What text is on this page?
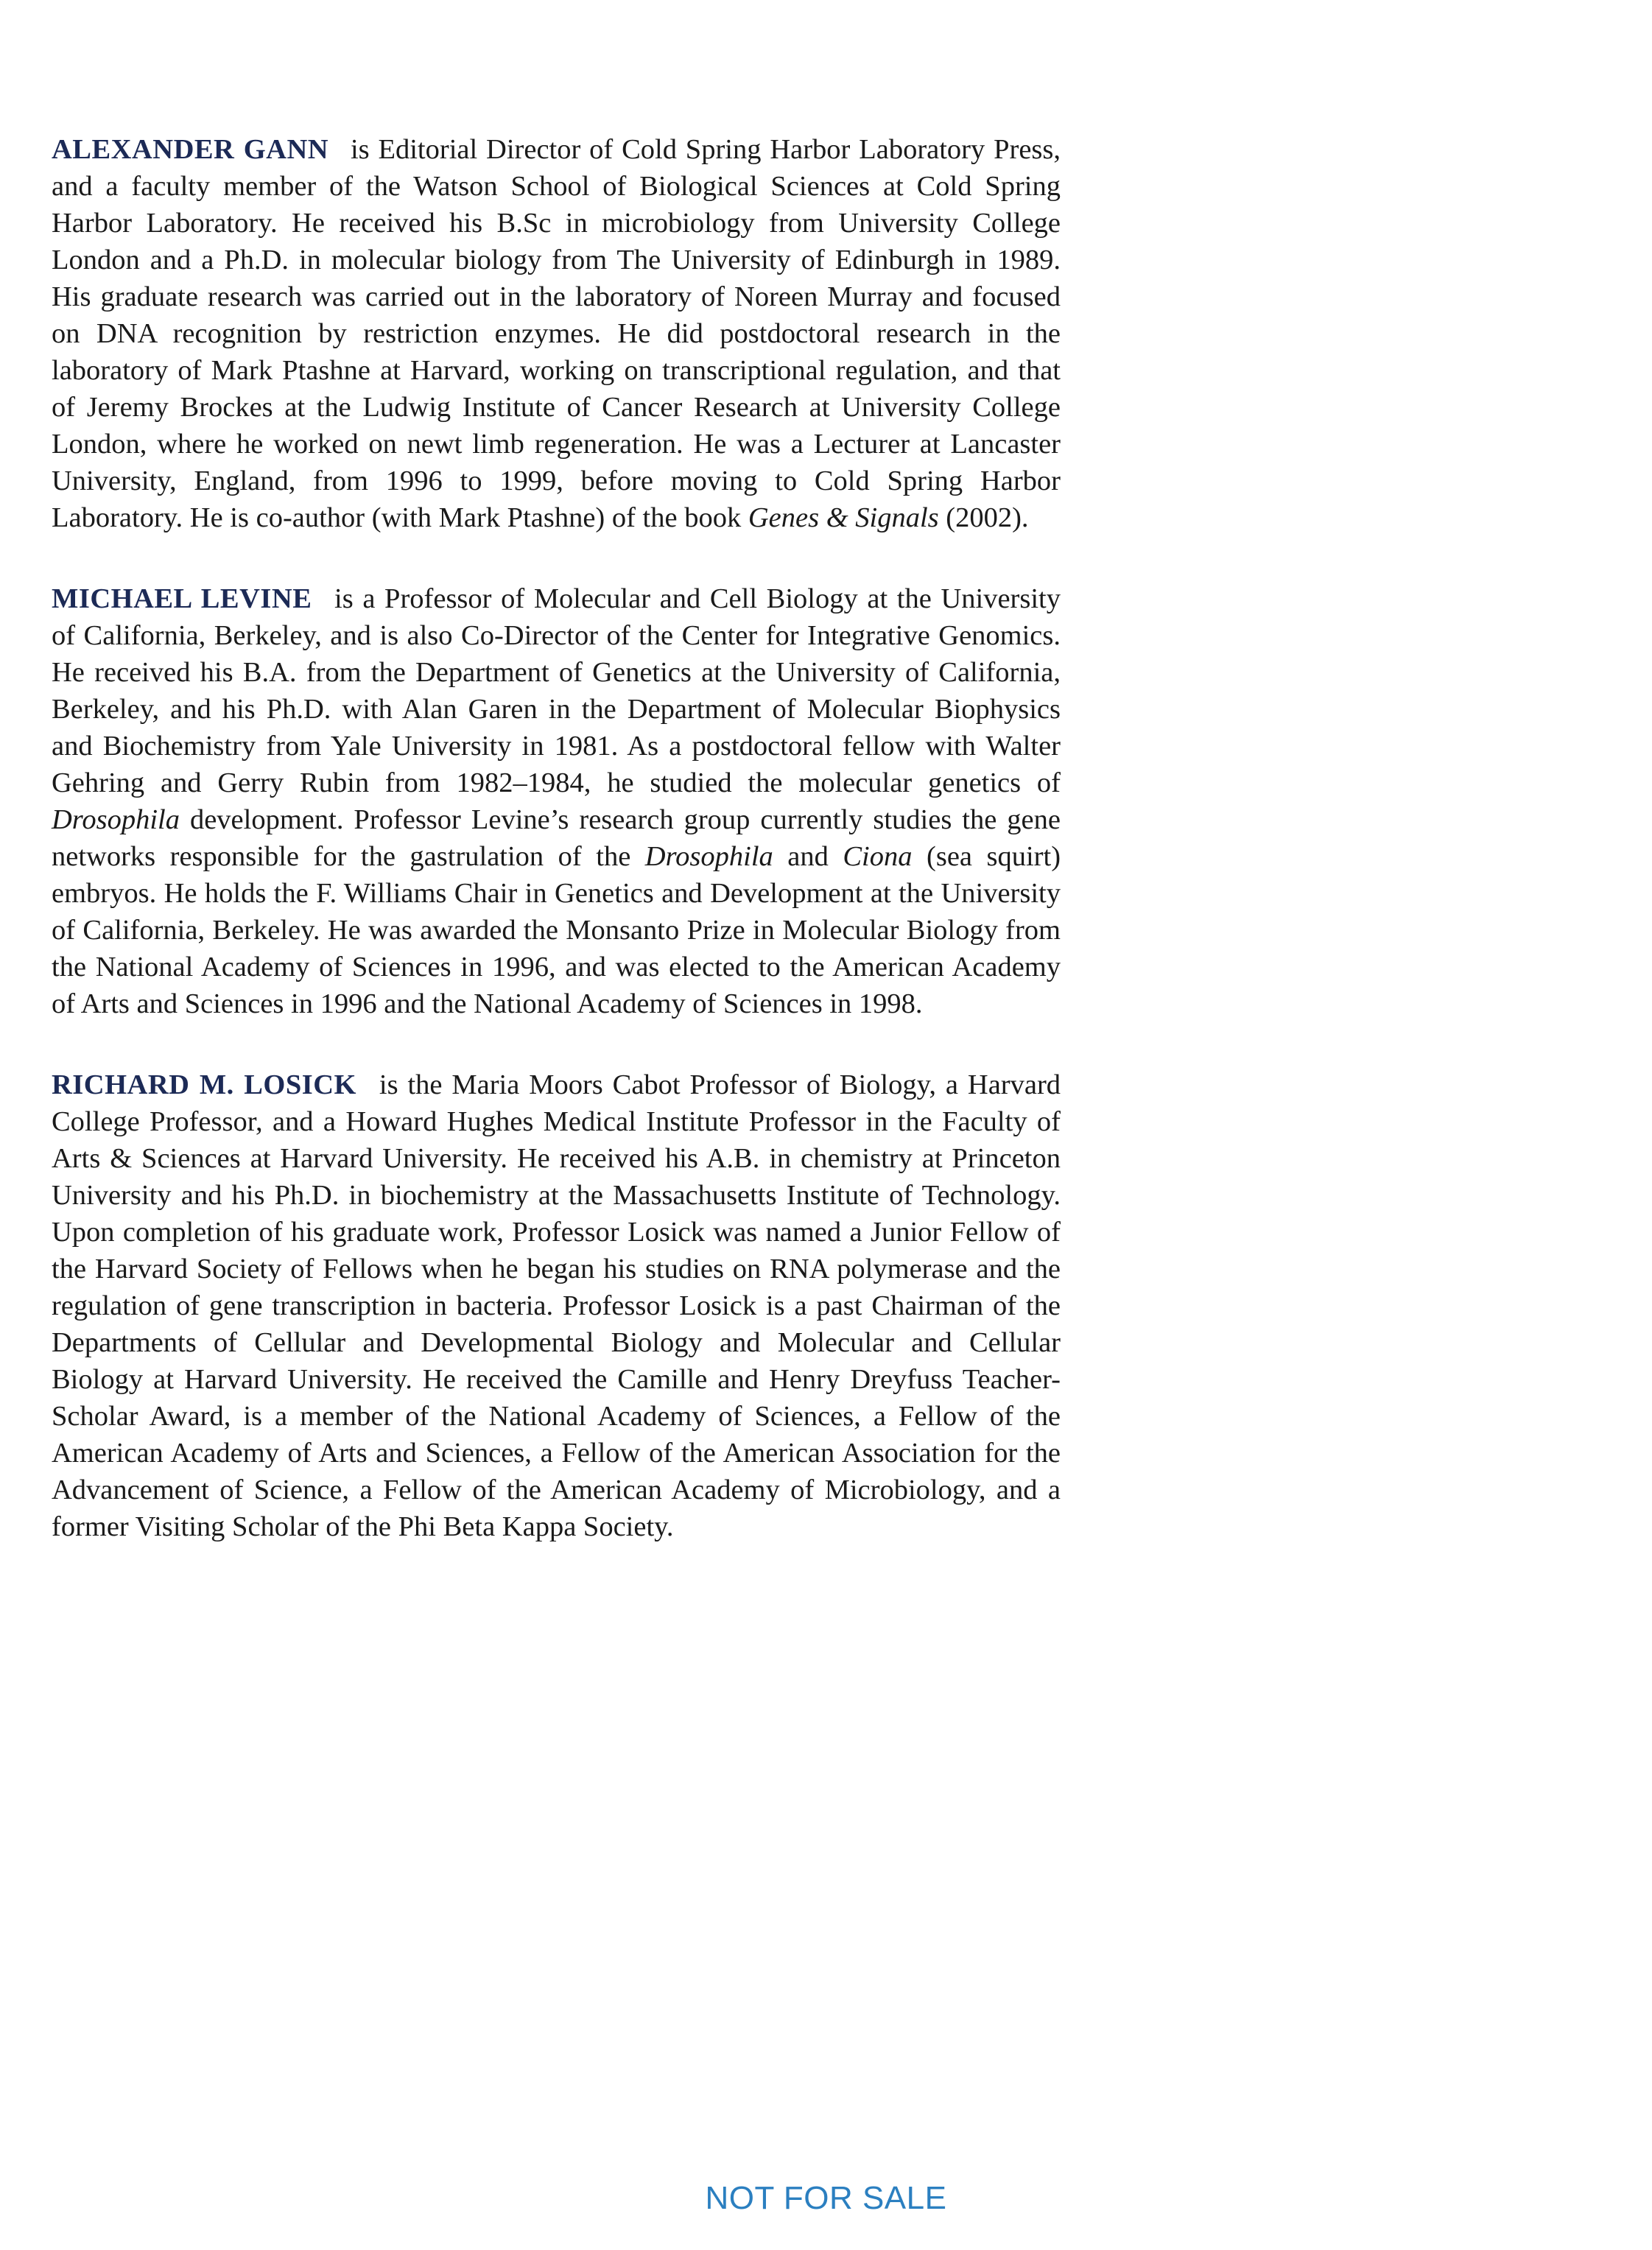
ALEXANDER GANN is Editorial Director of Cold Spring Harbor Laboratory Press, and a faculty member of the Watson School of Biological Sciences at Cold Spring Harbor Laboratory. He received his B.Sc in microbiology from University College London and a Ph.D. in molecular biology from The University of Edinburgh in 1989. His graduate research was carried out in the laboratory of Noreen Murray and focused on DNA recognition by restriction enzymes. He did postdoctoral research in the laboratory of Mark Ptashne at Harvard, working on transcriptional regulation, and that of Jeremy Brockes at the Ludwig Institute of Cancer Research at University College London, where he worked on newt limb regeneration. He was a Lecturer at Lancaster University, England, from 1996 to 1999, before moving to Cold Spring Harbor Laboratory. He is co-author (with Mark Ptashne) of the book Genes & Signals (2002).

MICHAEL LEVINE is a Professor of Molecular and Cell Biology at the University of California, Berkeley, and is also Co-Director of the Center for Integrative Genomics. He received his B.A. from the Department of Genetics at the University of California, Berkeley, and his Ph.D. with Alan Garen in the Department of Molecular Biophysics and Biochemistry from Yale University in 1981. As a postdoctoral fellow with Walter Gehring and Gerry Rubin from 1982–1984, he studied the molecular genetics of Drosophila development. Professor Levine’s research group currently studies the gene networks responsible for the gastrulation of the Drosophila and Ciona (sea squirt) embryos. He holds the F. Williams Chair in Genetics and Development at the University of California, Berkeley. He was awarded the Monsanto Prize in Molecular Biology from the National Academy of Sciences in 1996, and was elected to the American Academy of Arts and Sciences in 1996 and the National Academy of Sciences in 1998.

RICHARD M. LOSICK is the Maria Moors Cabot Professor of Biology, a Harvard College Professor, and a Howard Hughes Medical Institute Professor in the Faculty of Arts & Sciences at Harvard University. He received his A.B. in chemistry at Princeton University and his Ph.D. in biochemistry at the Massachusetts Institute of Technology. Upon completion of his graduate work, Professor Losick was named a Junior Fellow of the Harvard Society of Fellows when he began his studies on RNA polymerase and the regulation of gene transcription in bacteria. Professor Losick is a past Chairman of the Departments of Cellular and Developmental Biology and Molecular and Cellular Biology at Harvard University. He received the Camille and Henry Dreyfuss Teacher-Scholar Award, is a member of the National Academy of Sciences, a Fellow of the American Academy of Arts and Sciences, a Fellow of the American Association for the Advancement of Science, a Fellow of the American Academy of Microbiology, and a former Visiting Scholar of the Phi Beta Kappa Society.

NOT FOR SALE
